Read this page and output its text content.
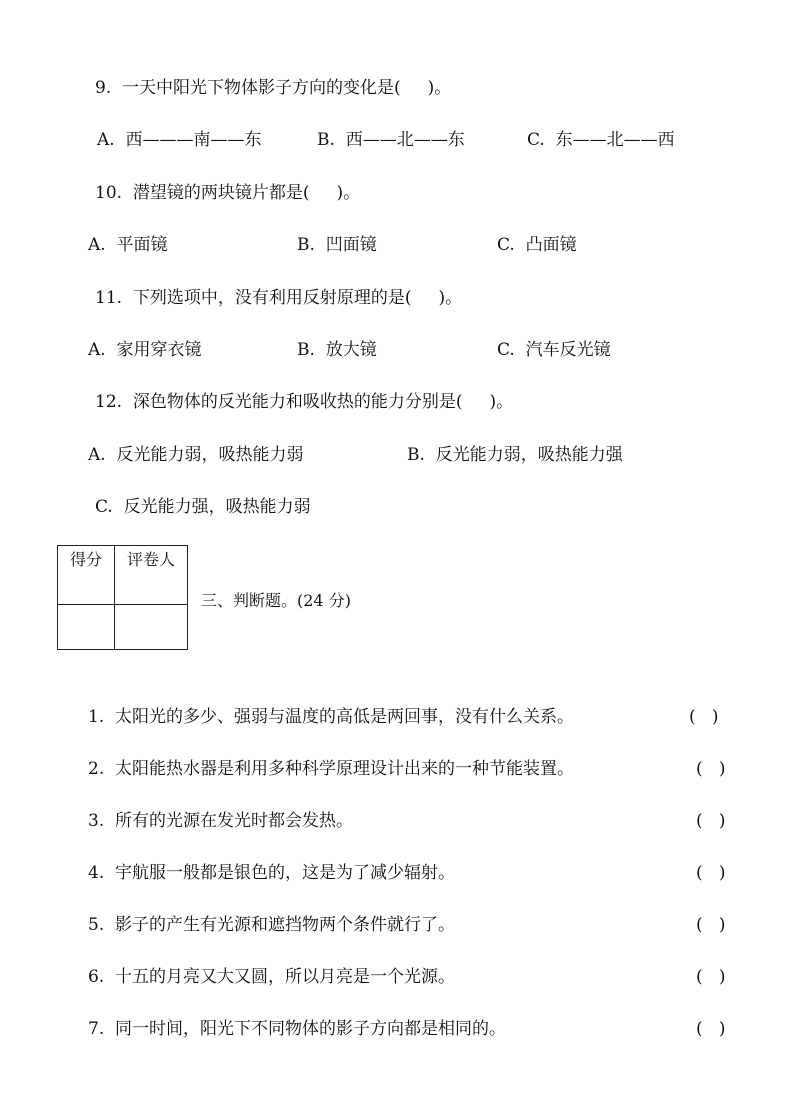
9.  一天中阳光下物体影子方向的变化是(     )。
A.  西———南——东	B.  西——北——东	C.  东——北——西
10.  潜望镜的两块镜片都是(     )。
A.  平面镜	B.  凹面镜	C.  凸面镜
11.  下列选项中，没有利用反射原理的是(     )。
A.  家用穿衣镜	B.  放大镜	C.  汽车反光镜
12.  深色物体的反光能力和吸收热的能力分别是(     )。
A.  反光能力弱，吸热能力弱	B.  反光能力弱，吸热能力强
C.  反光能力强，吸热能力弱
得分	评卷人

三、判断题。(24 分)
1.  太阳光的多少、强弱与温度的高低是两回事，没有什么关系。	(   )
2.  太阳能热水器是利用多种科学原理设计出来的一种节能装置。	(   )
3.  所有的光源在发光时都会发热。	(   )
4.  宇航服一般都是银色的，这是为了减少辐射。	(   )
5.  影子的产生有光源和遮挡物两个条件就行了。	(   )
6.  十五的月亮又大又圆，所以月亮是一个光源。	(   )
7.  同一时间，阳光下不同物体的影子方向都是相同的。	(   )
